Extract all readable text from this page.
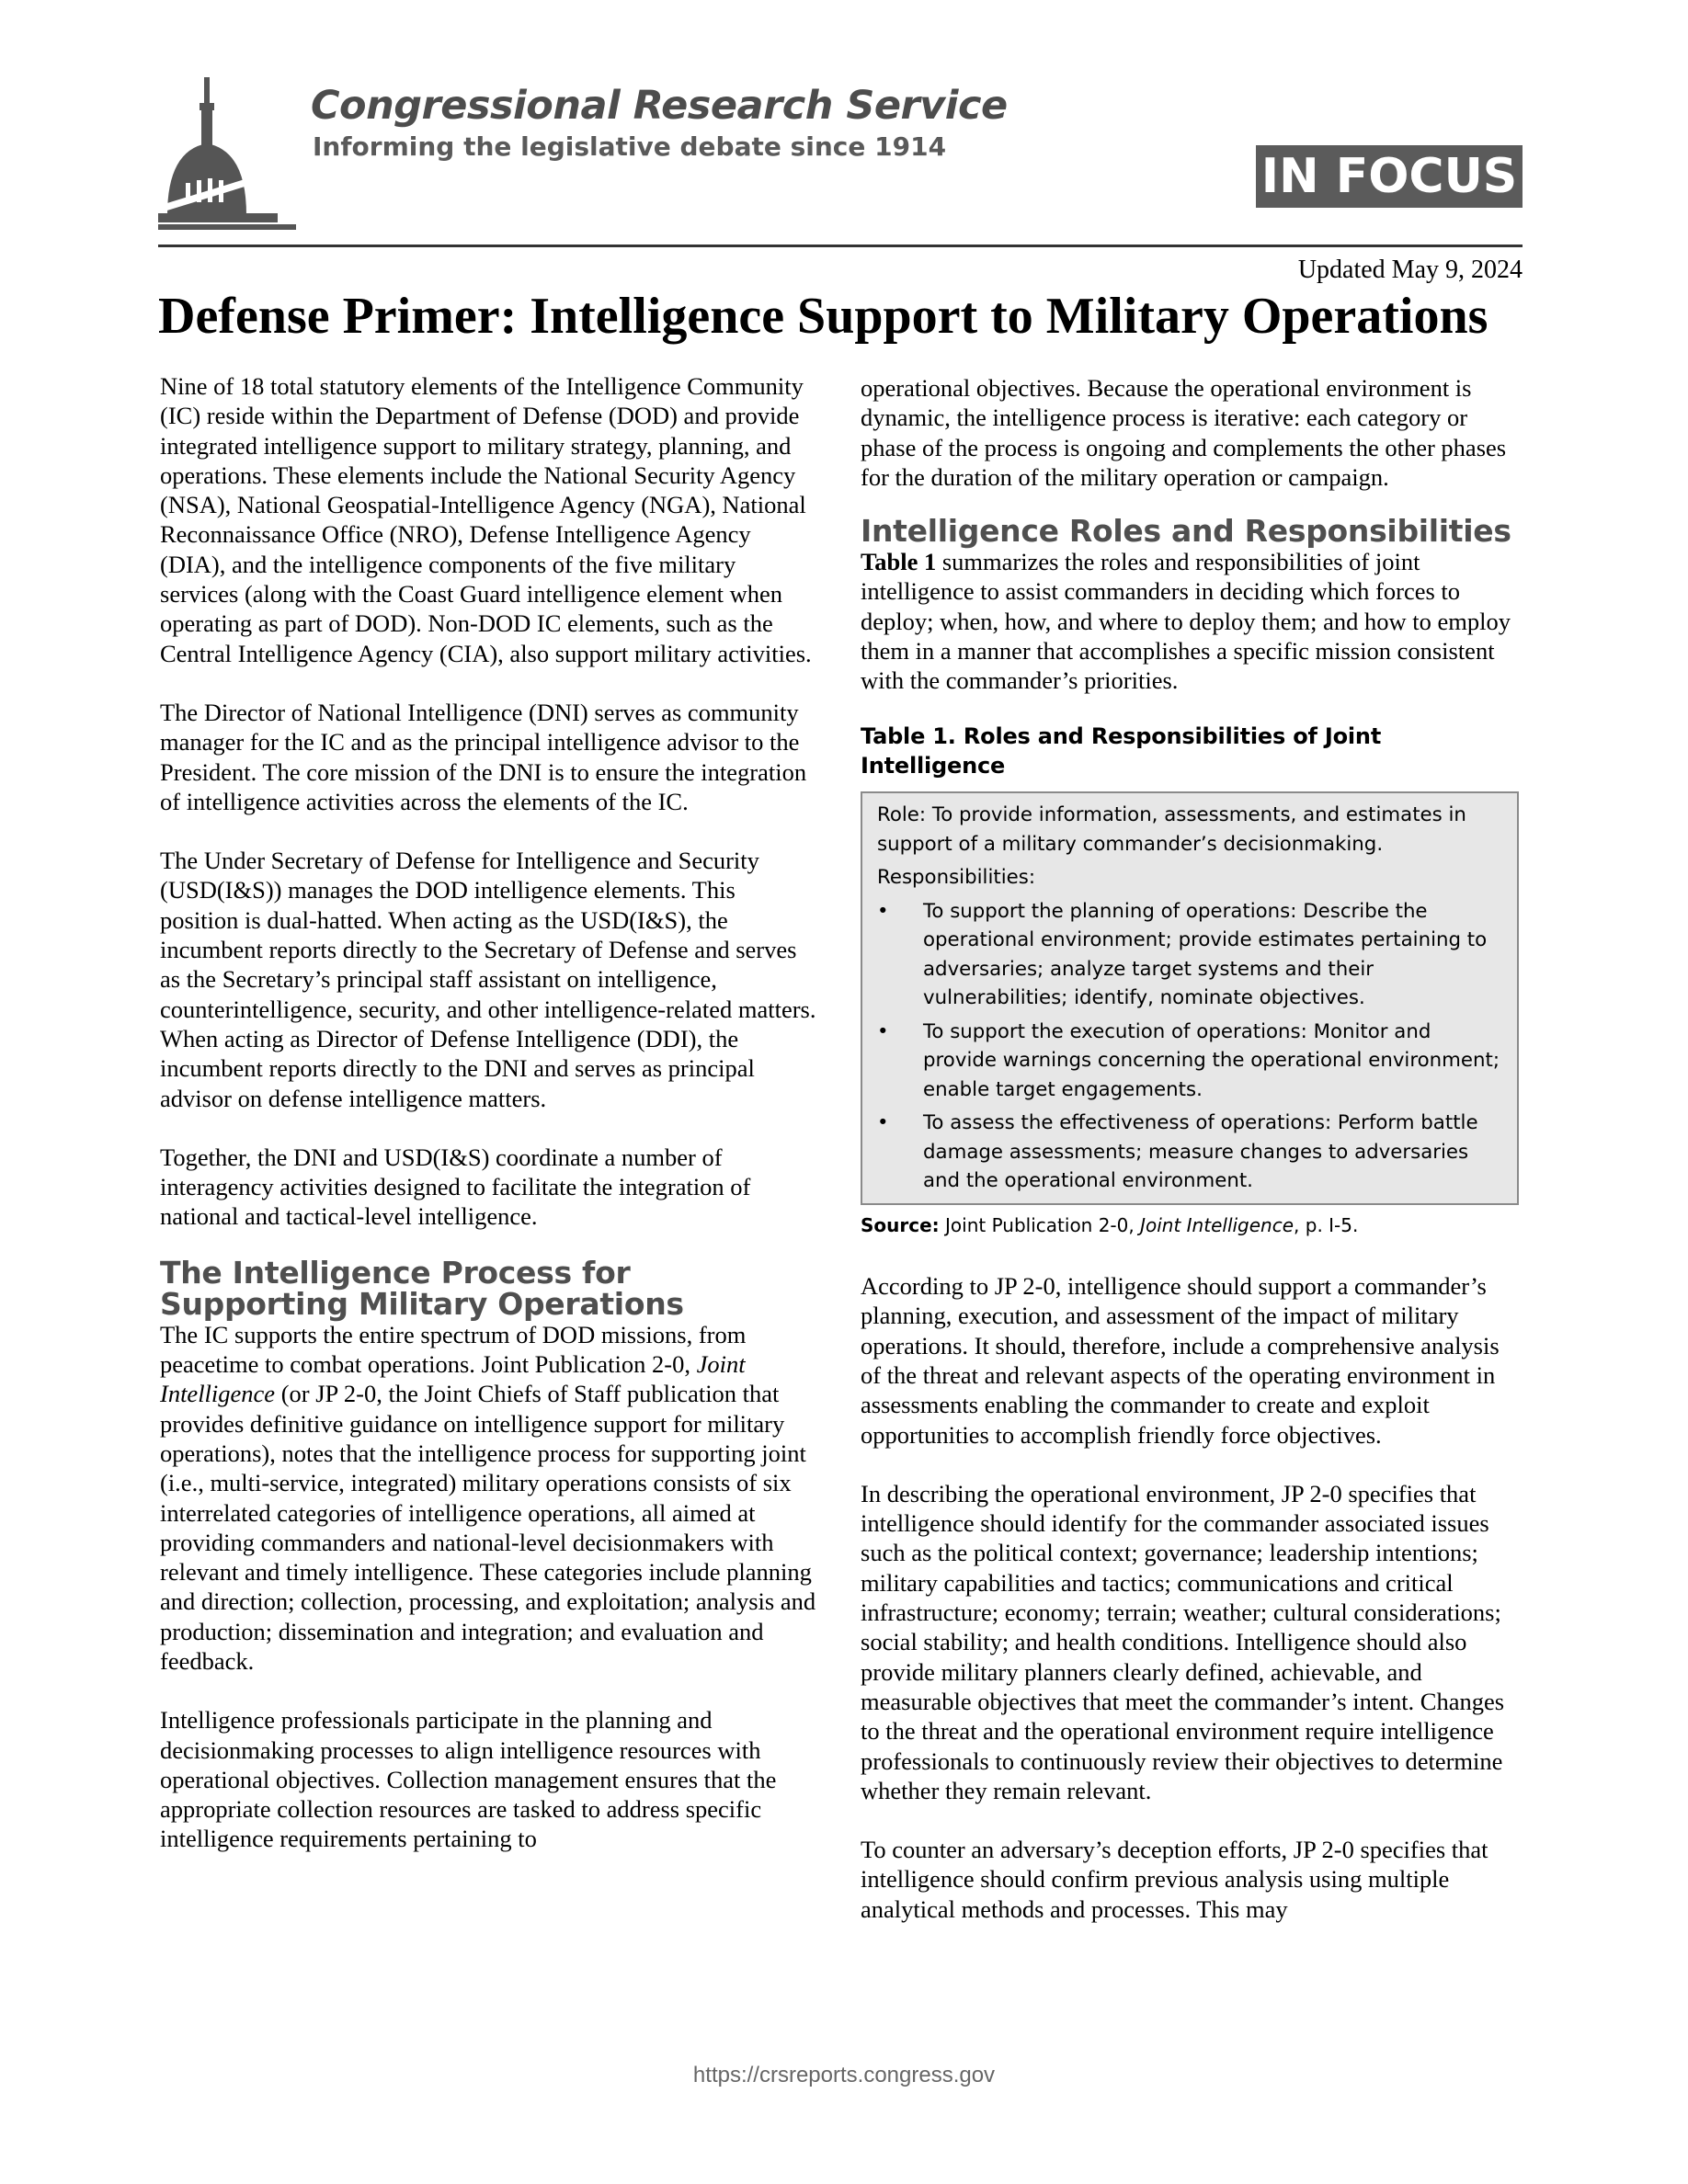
Congressional Research Service
Informing the legislative debate since 1914
IN FOCUS
Updated May 9, 2024
Defense Primer: Intelligence Support to Military Operations

Nine of 18 total statutory elements of the Intelligence Community (IC) reside within the Department of Defense (DOD) and provide integrated intelligence support to military strategy, planning, and operations. These elements include the National Security Agency (NSA), National Geospatial-Intelligence Agency (NGA), National Reconnaissance Office (NRO), Defense Intelligence Agency (DIA), and the intelligence components of the five military services (along with the Coast Guard intelligence element when operating as part of DOD). Non-DOD IC elements, such as the Central Intelligence Agency (CIA), also support military activities.

The Director of National Intelligence (DNI) serves as community manager for the IC and as the principal intelligence advisor to the President. The core mission of the DNI is to ensure the integration of intelligence activities across the elements of the IC.

The Under Secretary of Defense for Intelligence and Security (USD(I&S)) manages the DOD intelligence elements. This position is dual-hatted. When acting as the USD(I&S), the incumbent reports directly to the Secretary of Defense and serves as the Secretary’s principal staff assistant on intelligence, counterintelligence, security, and other intelligence-related matters. When acting as Director of Defense Intelligence (DDI), the incumbent reports directly to the DNI and serves as principal advisor on defense intelligence matters.

Together, the DNI and USD(I&S) coordinate a number of interagency activities designed to facilitate the integration of national and tactical-level intelligence.

The Intelligence Process for Supporting Military Operations

The IC supports the entire spectrum of DOD missions, from peacetime to combat operations. Joint Publication 2-0, Joint Intelligence (or JP 2-0, the Joint Chiefs of Staff publication that provides definitive guidance on intelligence support for military operations), notes that the intelligence process for supporting joint (i.e., multi-service, integrated) military operations consists of six interrelated categories of intelligence operations, all aimed at providing commanders and national-level decisionmakers with relevant and timely intelligence. These categories include planning and direction; collection, processing, and exploitation; analysis and production; dissemination and integration; and evaluation and feedback.

Intelligence professionals participate in the planning and decisionmaking processes to align intelligence resources with operational objectives. Collection management ensures that the appropriate collection resources are tasked to address specific intelligence requirements pertaining to

operational objectives. Because the operational environment is dynamic, the intelligence process is iterative: each category or phase of the process is ongoing and complements the other phases for the duration of the military operation or campaign.

Intelligence Roles and Responsibilities

Table 1 summarizes the roles and responsibilities of joint intelligence to assist commanders in deciding which forces to deploy; when, how, and where to deploy them; and how to employ them in a manner that accomplishes a specific mission consistent with the commander’s priorities.

Table 1. Roles and Responsibilities of Joint Intelligence
Role: To provide information, assessments, and estimates in support of a military commander’s decisionmaking.
Responsibilities:
• To support the planning of operations: Describe the operational environment; provide estimates pertaining to adversaries; analyze target systems and their vulnerabilities; identify, nominate objectives.
• To support the execution of operations: Monitor and provide warnings concerning the operational environment; enable target engagements.
• To assess the effectiveness of operations: Perform battle damage assessments; measure changes to adversaries and the operational environment.
Source: Joint Publication 2-0, Joint Intelligence, p. I-5.

According to JP 2-0, intelligence should support a commander’s planning, execution, and assessment of the impact of military operations. It should, therefore, include a comprehensive analysis of the threat and relevant aspects of the operating environment in assessments enabling the commander to create and exploit opportunities to accomplish friendly force objectives.

In describing the operational environment, JP 2-0 specifies that intelligence should identify for the commander associated issues such as the political context; governance; leadership intentions; military capabilities and tactics; communications and critical infrastructure; economy; terrain; weather; cultural considerations; social stability; and health conditions. Intelligence should also provide military planners clearly defined, achievable, and measurable objectives that meet the commander’s intent. Changes to the threat and the operational environment require intelligence professionals to continuously review their objectives to determine whether they remain relevant.

To counter an adversary’s deception efforts, JP 2-0 specifies that intelligence should confirm previous analysis using multiple analytical methods and processes. This may

https://crsreports.congress.gov
